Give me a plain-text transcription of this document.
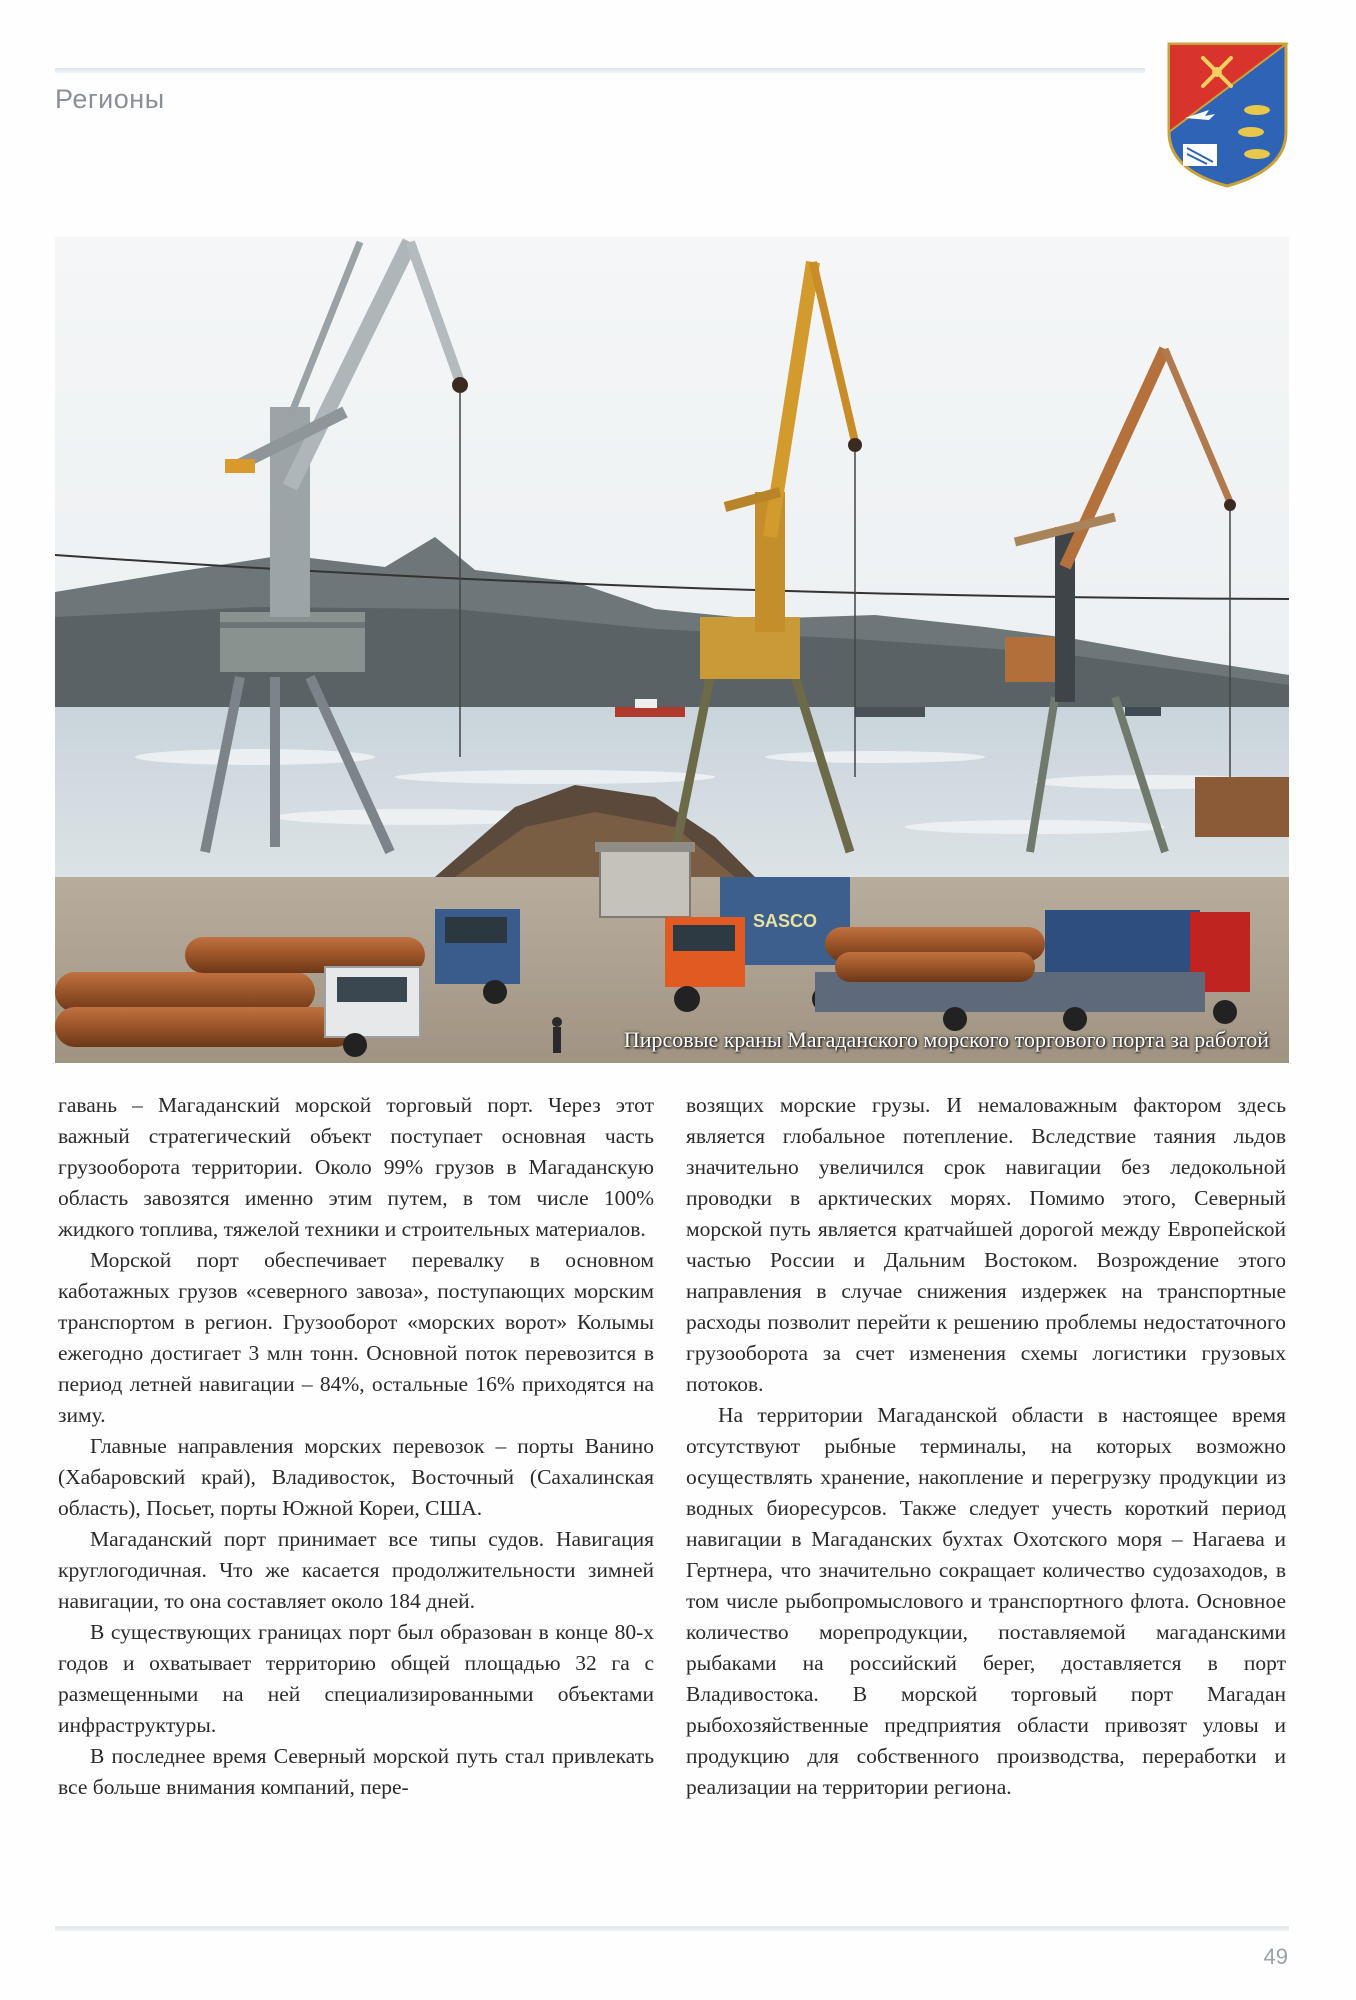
Регионы
SASCO
Пирсовые краны Магаданского морского торгового порта за работой

гавань – Магаданский морской торговый порт. Через этот важный стратегический объект поступает основная часть грузооборота территории. Около 99% грузов в Магаданскую область завозятся именно этим путем, в том числе 100% жидкого топлива, тяжелой техники и строительных материалов.

Морской порт обеспечивает перевалку в основном каботажных грузов «северного завоза», поступающих морским транспортом в регион. Грузооборот «морских ворот» Колымы ежегодно достигает 3 млн тонн. Основной поток перевозится в период летней навигации – 84%, остальные 16% приходятся на зиму.

Главные направления морских перевозок – порты Ванино (Хабаровский край), Владивосток, Восточный (Сахалинская область), Посьет, порты Южной Кореи, США.

Магаданский порт принимает все типы судов. Навигация круглогодичная. Что же касается продолжительности зимней навигации, то она составляет около 184 дней.

В существующих границах порт был образован в конце 80-х годов и охватывает территорию общей площадью 32 га с размещенными на ней специализированными объектами инфраструктуры.

В последнее время Северный морской путь стал привлекать все больше внимания компаний, пере-

возящих морские грузы. И немаловажным фактором здесь является глобальное потепление. Вследствие таяния льдов значительно увеличился срок навигации без ледокольной проводки в арктических морях. Помимо этого, Северный морской путь является кратчайшей дорогой между Европейской частью России и Дальним Востоком. Возрождение этого направления в случае снижения издержек на транспортные расходы позволит перейти к решению проблемы недостаточного грузооборота за счет изменения схемы логистики грузовых потоков.

На территории Магаданской области в настоящее время отсутствуют рыбные терминалы, на которых возможно осуществлять хранение, накопление и перегрузку продукции из водных биоресурсов. Также следует учесть короткий период навигации в Магаданских бухтах Охотского моря – Нагаева и Гертнера, что значительно сокращает количество судозаходов, в том числе рыбопромыслового и транспортного флота. Основное количество морепродукции, поставляемой магаданскими рыбаками на российский берег, доставляется в порт Владивостока. В морской торговый порт Магадан рыбохозяйственные предприятия области привозят уловы и продукцию для собственного производства, переработки и реализации на территории региона.

49
